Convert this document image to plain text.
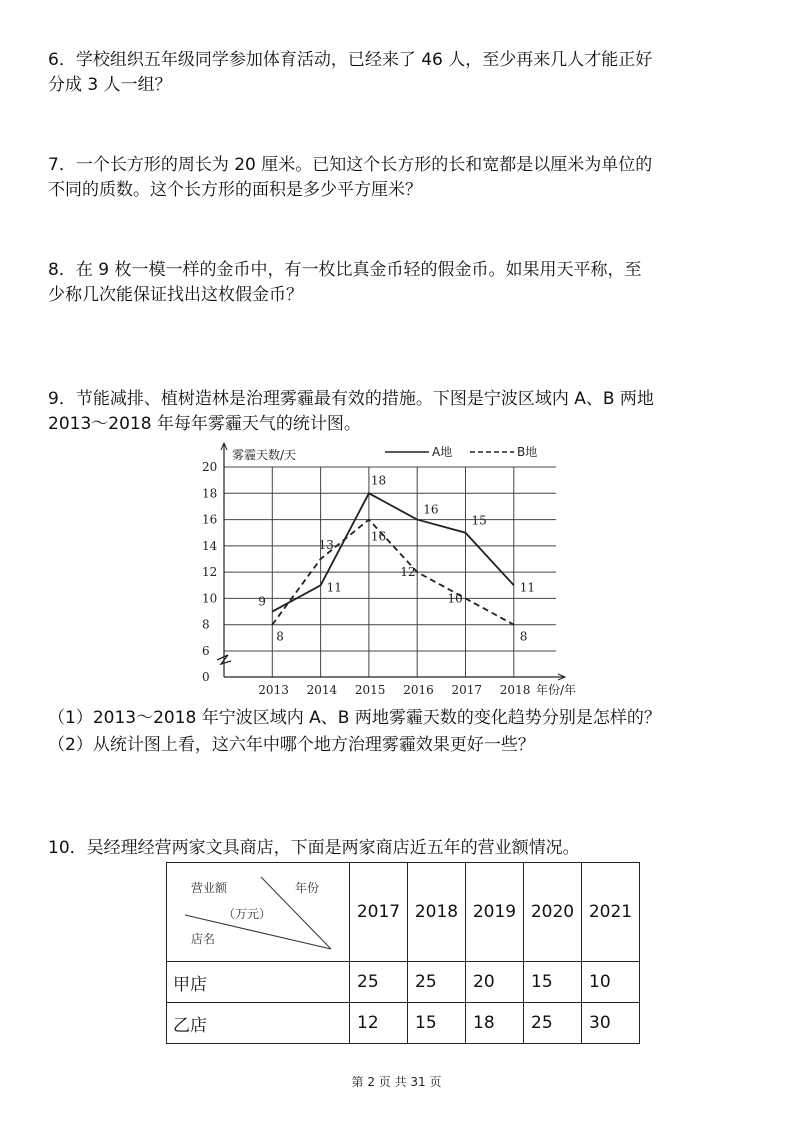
6．学校组织五年级同学参加体育活动，已经来了 46 人，至少再来几人才能正好

分成 3 人一组？

7．一个长方形的周长为 20 厘米。已知这个长方形的长和宽都是以厘米为单位的

不同的质数。这个长方形的面积是多少平方厘米？

8．在 9 枚一模一样的金币中，有一枚比真金币轻的假金币。如果用天平称，至

少称几次能保证找出这枚假金币？

9．节能减排、植树造林是治理雾霾最有效的措施。下图是宁波区域内 A、B 两地

2013～2018 年每年雾霾天气的统计图。

0
6
8
10
12
14
16
18
20
2013 2014 2015 2016 2017 2018
雾霾天数/天
年份/年
A地	B地
9
11
18
16
15
11
8
13
16
12
10
8
（1）2013～2018 年宁波区域内 A、B 两地雾霾天数的变化趋势分别是怎样的？
（2）从统计图上看，这六年中哪个地方治理雾霾效果更好一些？

10．吴经理经营两家文具商店，下面是两家商店近五年的营业额情况。

营业额 年份
（万元）
店名	2017	2018	2019	2020	2021
甲店	25	25	20	15	10
乙店	12	15	18	25	30
第 2 页 共 31 页
